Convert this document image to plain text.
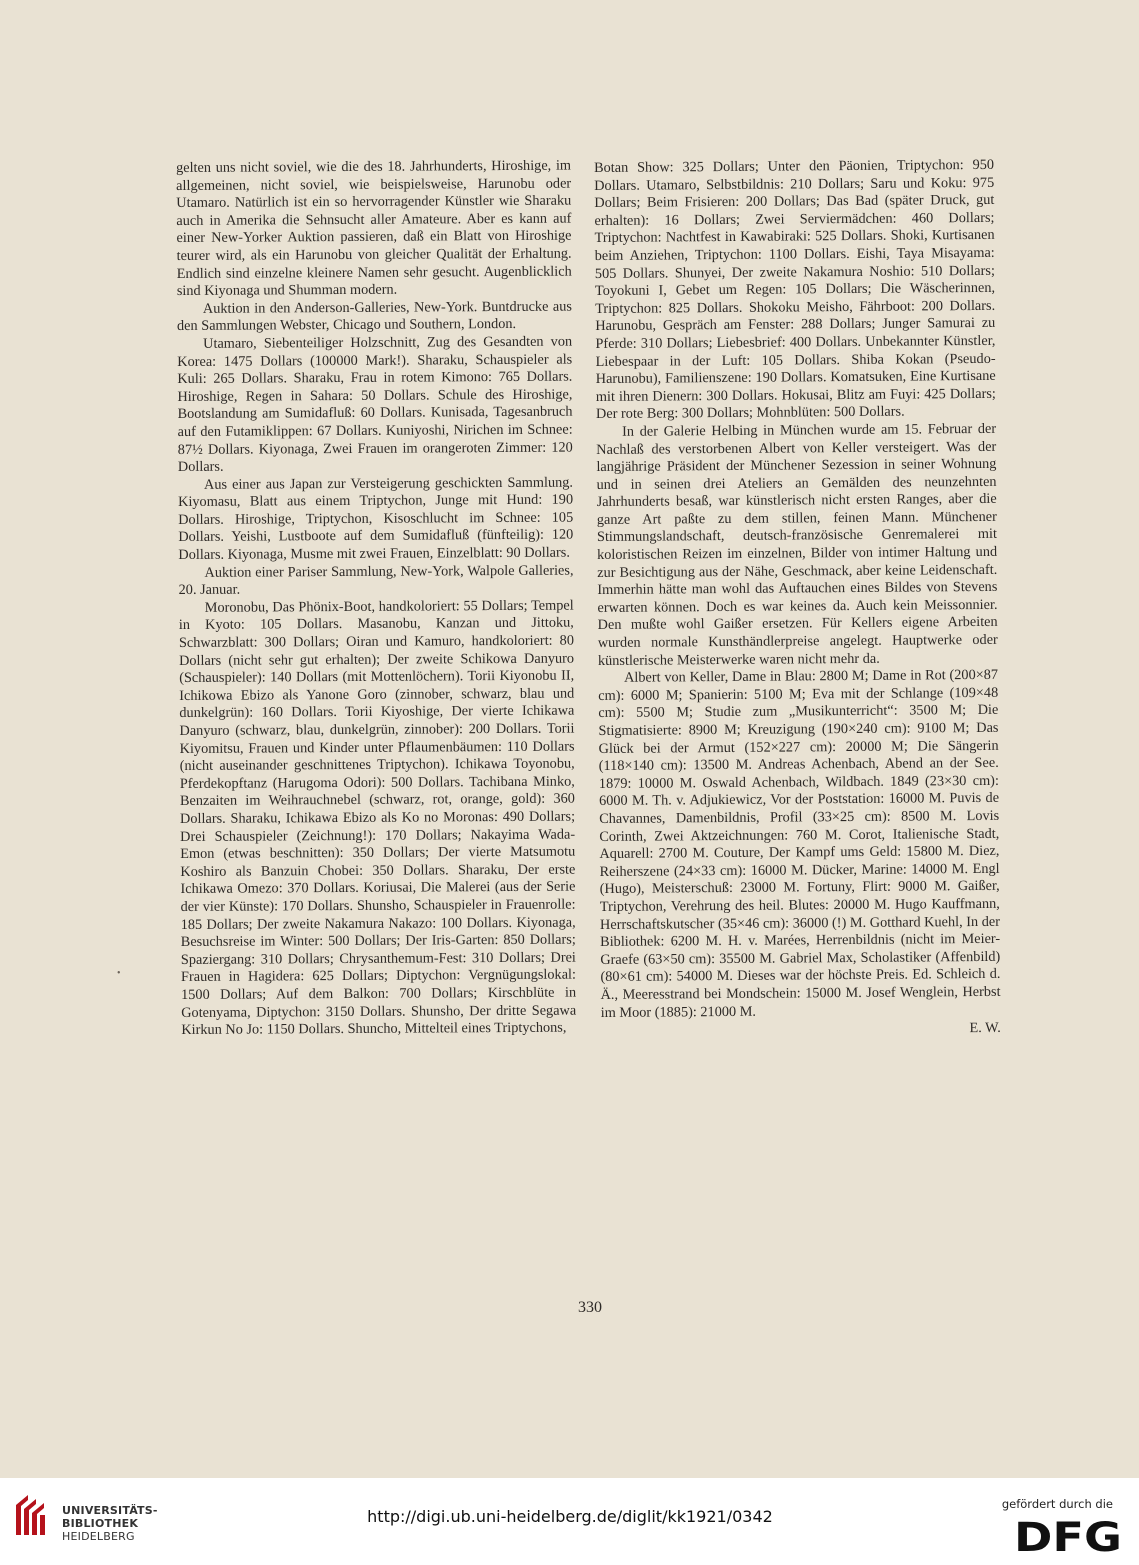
gelten uns nicht soviel, wie die des 18. Jahrhunderts, Hiroshige, im allgemeinen, nicht soviel, wie beispielsweise, Harunobu oder Utamaro. Natürlich ist ein so hervorragender Künstler wie Sharaku auch in Amerika die Sehnsucht aller Amateure. Aber es kann auf einer New-Yorker Auktion passieren, daß ein Blatt von Hiroshige teurer wird, als ein Harunobu von gleicher Qualität der Erhaltung. Endlich sind einzelne kleinere Namen sehr gesucht. Augenblicklich sind Kiyonaga und Shumman modern.

Auktion in den Anderson-Galleries, New-York. Buntdrucke aus den Sammlungen Webster, Chicago und Southern, London.

Utamaro, Siebenteiliger Holzschnitt, Zug des Gesandten von Korea: 1475 Dollars (100000 Mark!). Sharaku, Schauspieler als Kuli: 265 Dollars. Sharaku, Frau in rotem Kimono: 765 Dollars. Hiroshige, Regen in Sahara: 50 Dollars. Schule des Hiroshige, Bootslandung am Sumidafluß: 60 Dollars. Kunisada, Tagesanbruch auf den Futamiklippen: 67 Dollars. Kuniyoshi, Nirichen im Schnee: 87½ Dollars. Kiyonaga, Zwei Frauen im orangeroten Zimmer: 120 Dollars.

Aus einer aus Japan zur Versteigerung geschickten Sammlung. Kiyomasu, Blatt aus einem Triptychon, Junge mit Hund: 190 Dollars. Hiroshige, Triptychon, Kisoschlucht im Schnee: 105 Dollars. Yeishi, Lustboote auf dem Sumidafluß (fünfteilig): 120 Dollars. Kiyonaga, Musme mit zwei Frauen, Einzelblatt: 90 Dollars.

Auktion einer Pariser Sammlung, New-York, Walpole Galleries, 20. Januar.

Moronobu, Das Phönix-Boot, handkoloriert: 55 Dollars; Tempel in Kyoto: 105 Dollars. Masanobu, Kanzan und Jittoku, Schwarzblatt: 300 Dollars; Oiran und Kamuro, handkoloriert: 80 Dollars (nicht sehr gut erhalten); Der zweite Schikowa Danyuro (Schauspieler): 140 Dollars (mit Mottenlöchern). Torii Kiyonobu II, Ichikowa Ebizo als Yanone Goro (zinnober, schwarz, blau und dunkelgrün): 160 Dollars. Torii Kiyoshige, Der vierte Ichikawa Danyuro (schwarz, blau, dunkelgrün, zinnober): 200 Dollars. Torii Kiyomitsu, Frauen und Kinder unter Pflaumenbäumen: 110 Dollars (nicht auseinander geschnittenes Triptychon). Ichikawa Toyonobu, Pferdekopftanz (Harugoma Odori): 500 Dollars. Tachibana Minko, Benzaiten im Weihrauchnebel (schwarz, rot, orange, gold): 360 Dollars. Sharaku, Ichikawa Ebizo als Ko no Moronas: 490 Dollars; Drei Schauspieler (Zeichnung!): 170 Dollars; Nakayima Wada-Emon (etwas beschnitten): 350 Dollars; Der vierte Matsumotu Koshiro als Banzuin Chobei: 350 Dollars. Sharaku, Der erste Ichikawa Omezo: 370 Dollars. Koriusai, Die Malerei (aus der Serie der vier Künste): 170 Dollars. Shunsho, Schauspieler in Frauenrolle: 185 Dollars; Der zweite Nakamura Nakazo: 100 Dollars. Kiyonaga, Besuchsreise im Winter: 500 Dollars; Der Iris-Garten: 850 Dollars; Spaziergang: 310 Dollars; Chrysanthemum-Fest: 310 Dollars; Drei Frauen in Hagidera: 625 Dollars; Diptychon: Vergnügungslokal: 1500 Dollars; Auf dem Balkon: 700 Dollars; Kirschblüte in Gotenyama, Diptychon: 3150 Dollars. Shunsho, Der dritte Segawa Kirkun No Jo: 1150 Dollars. Shuncho, Mittelteil eines Triptychons,

Botan Show: 325 Dollars; Unter den Päonien, Triptychon: 950 Dollars. Utamaro, Selbstbildnis: 210 Dollars; Saru und Koku: 975 Dollars; Beim Frisieren: 200 Dollars; Das Bad (später Druck, gut erhalten): 16 Dollars; Zwei Serviermädchen: 460 Dollars; Triptychon: Nachtfest in Kawabiraki: 525 Dollars. Shoki, Kurtisanen beim Anziehen, Triptychon: 1100 Dollars. Eishi, Taya Misayama: 505 Dollars. Shunyei, Der zweite Nakamura Noshio: 510 Dollars; Toyokuni I, Gebet um Regen: 105 Dollars; Die Wäscherinnen, Triptychon: 825 Dollars. Shokoku Meisho, Fährboot: 200 Dollars. Harunobu, Gespräch am Fenster: 288 Dollars; Junger Samurai zu Pferde: 310 Dollars; Liebesbrief: 400 Dollars. Unbekannter Künstler, Liebespaar in der Luft: 105 Dollars. Shiba Kokan (Pseudo-Harunobu), Familienszene: 190 Dollars. Komatsuken, Eine Kurtisane mit ihren Dienern: 300 Dollars. Hokusai, Blitz am Fuyi: 425 Dollars; Der rote Berg: 300 Dollars; Mohnblüten: 500 Dollars.

In der Galerie Helbing in München wurde am 15. Februar der Nachlaß des verstorbenen Albert von Keller versteigert. Was der langjährige Präsident der Münchener Sezession in seiner Wohnung und in seinen drei Ateliers an Gemälden des neunzehnten Jahrhunderts besaß, war künstlerisch nicht ersten Ranges, aber die ganze Art paßte zu dem stillen, feinen Mann. Münchener Stimmungslandschaft, deutsch-französische Genremalerei mit koloristischen Reizen im einzelnen, Bilder von intimer Haltung und zur Besichtigung aus der Nähe, Geschmack, aber keine Leidenschaft. Immerhin hätte man wohl das Auftauchen eines Bildes von Stevens erwarten können. Doch es war keines da. Auch kein Meissonnier. Den mußte wohl Gaißer ersetzen. Für Kellers eigene Arbeiten wurden normale Kunsthändlerpreise angelegt. Hauptwerke oder künstlerische Meisterwerke waren nicht mehr da.

Albert von Keller, Dame in Blau: 2800 M; Dame in Rot (200×87 cm): 6000 M; Spanierin: 5100 M; Eva mit der Schlange (109×48 cm): 5500 M; Studie zum „Musikunterricht“: 3500 M; Die Stigmatisierte: 8900 M; Kreuzigung (190×240 cm): 9100 M; Das Glück bei der Armut (152×227 cm): 20000 M; Die Sängerin (118×140 cm): 13500 M. Andreas Achenbach, Abend an der See. 1879: 10000 M. Oswald Achenbach, Wildbach. 1849 (23×30 cm): 6000 M. Th. v. Adjukiewicz, Vor der Poststation: 16000 M. Puvis de Chavannes, Damenbildnis, Profil (33×25 cm): 8500 M. Lovis Corinth, Zwei Aktzeichnungen: 760 M. Corot, Italienische Stadt, Aquarell: 2700 M. Couture, Der Kampf ums Geld: 15800 M. Diez, Reiherszene (24×33 cm): 16000 M. Dücker, Marine: 14000 M. Engl (Hugo), Meisterschuß: 23000 M. Fortuny, Flirt: 9000 M. Gaißer, Triptychon, Verehrung des heil. Blutes: 20000 M. Hugo Kauffmann, Herrschaftskutscher (35×46 cm): 36000 (!) M. Gotthard Kuehl, In der Bibliothek: 6200 M. H. v. Marées, Herrenbildnis (nicht im Meier-Graefe (63×50 cm): 35500 M. Gabriel Max, Scholastiker (Affenbild) (80×61 cm): 54000 M. Dieses war der höchste Preis. Ed. Schleich d. Ä., Meeresstrand bei Mondschein: 15000 M. Josef Wenglein, Herbst im Moor (1885): 21000 M.

E. W.

•
330
UNIVERSITÄTS-
BIBLIOTHEK
HEIDELBERG
http://digi.ub.uni-heidelberg.de/diglit/kk1921/0342
gefördert durch die
DFG
